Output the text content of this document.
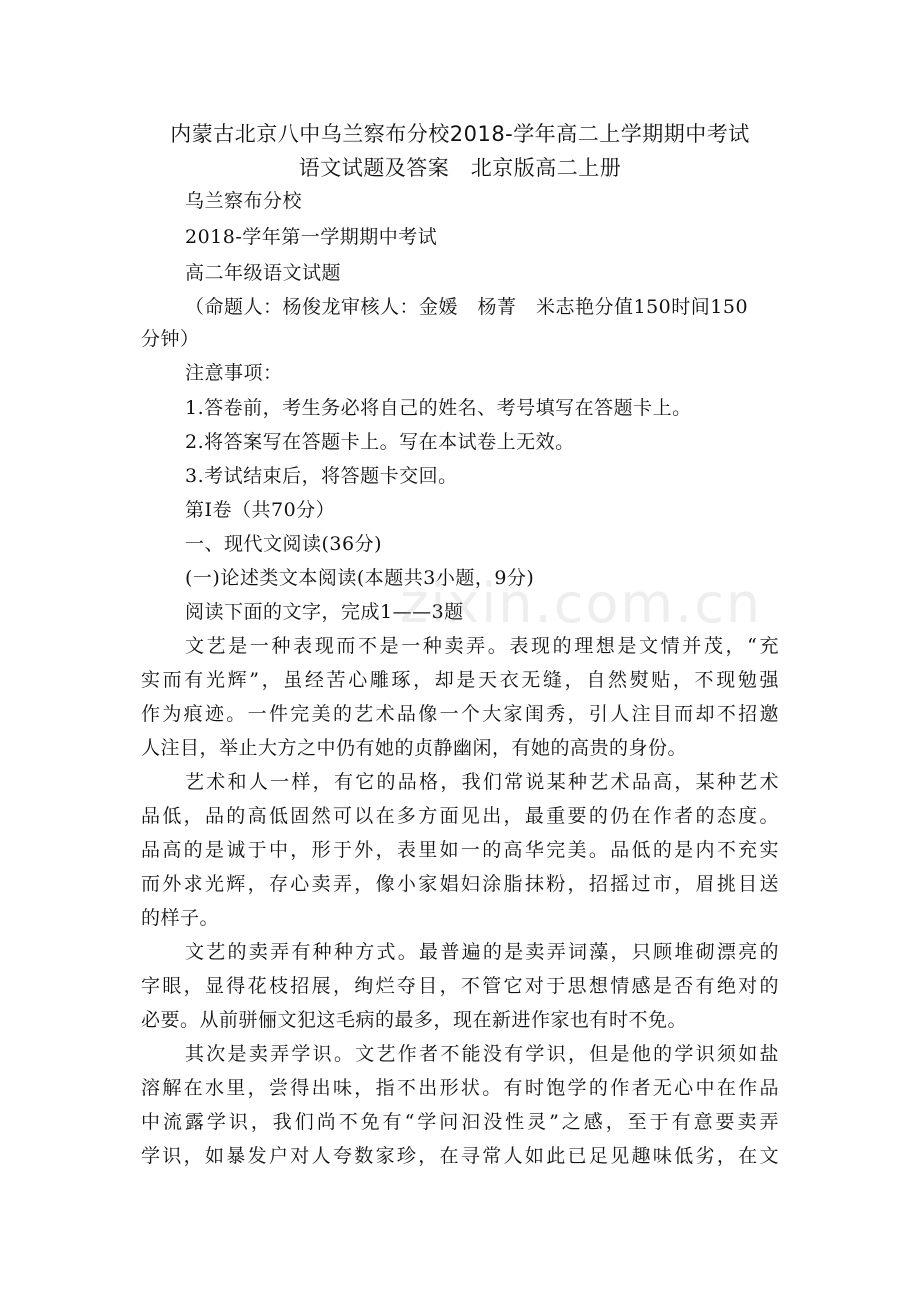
内蒙古北京八中乌兰察布分校2018-学年高二上学期期中考试
语文试题及答案　北京版高二上册
乌兰察布分校
2018-学年第一学期期中考试
高二年级语文试题
（命题人：杨俊龙审核人：金媛　杨菁　米志艳分值150时间150
分钟）
注意事项：
1.答卷前，考生务必将自己的姓名、考号填写在答题卡上。
2.将答案写在答题卡上。写在本试卷上无效。
3.考试结束后，将答题卡交回。
第Ⅰ卷（共70分）
一、现代文阅读(36分)
(一)论述类文本阅读(本题共3小题，9分)
阅读下面的文字，完成1——3题
文艺是一种表现而不是一种卖弄。表现的理想是文情并茂，“充
实而有光辉”，虽经苦心雕琢，却是天衣无缝，自然熨贴，不现勉强
作为痕迹。一件完美的艺术品像一个大家闺秀，引人注目而却不招邀
人注目，举止大方之中仍有她的贞静幽闲，有她的高贵的身份。
艺术和人一样，有它的品格，我们常说某种艺术品高，某种艺术
品低，品的高低固然可以在多方面见出，最重要的仍在作者的态度。
品高的是诚于中，形于外，表里如一的高华完美。品低的是内不充实
而外求光辉，存心卖弄，像小家娼妇涂脂抹粉，招摇过市，眉挑目送
的样子。
文艺的卖弄有种种方式。最普遍的是卖弄词藻，只顾堆砌漂亮的
字眼，显得花枝招展，绚烂夺目，不管它对于思想情感是否有绝对的
必要。从前骈俪文犯这毛病的最多，现在新进作家也有时不免。
其次是卖弄学识。文艺作者不能没有学识，但是他的学识须如盐
溶解在水里，尝得出味，指不出形状。有时饱学的作者无心中在作品
中流露学识，我们尚不免有“学问汩没性灵”之感，至于有意要卖弄
学识，如暴发户对人夸数家珍，在寻常人如此已足见趣味低劣，在文
zixin.com.cn
